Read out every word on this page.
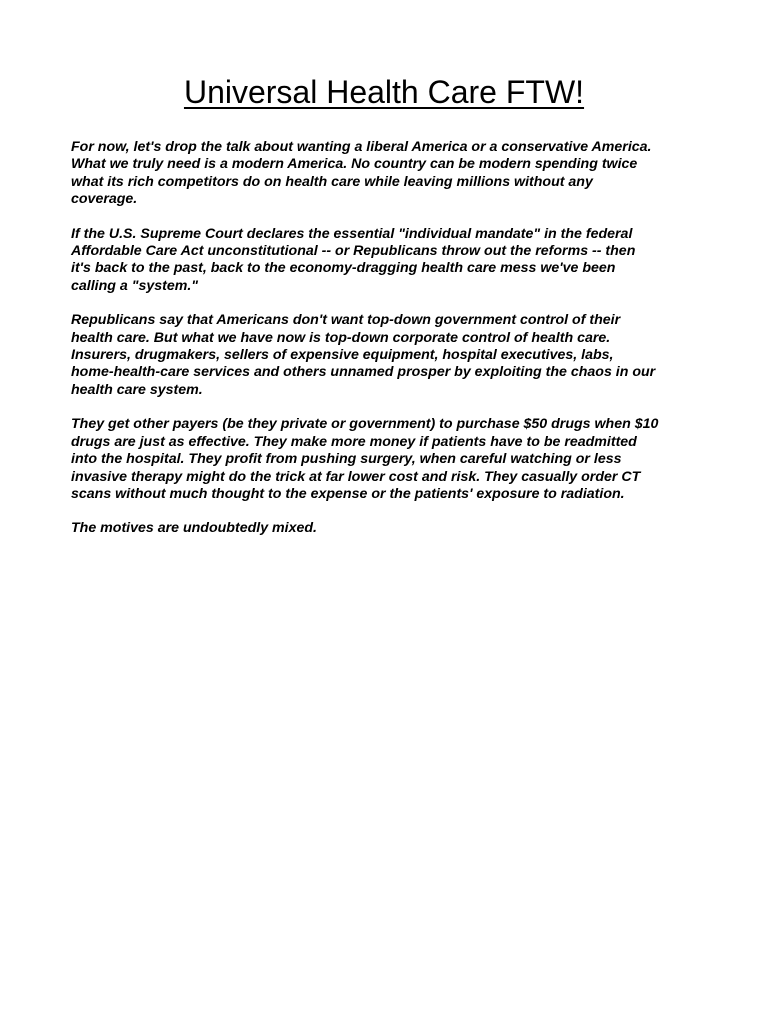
Universal Health Care FTW!

For now, let's drop the talk about wanting a liberal America or a conservative America.
What we truly need is a modern America. No country can be modern spending twice
what its rich competitors do on health care while leaving millions without any
coverage.

If the U.S. Supreme Court declares the essential "individual mandate" in the federal
Affordable Care Act unconstitutional -- or Republicans throw out the reforms -- then
it's back to the past, back to the economy-dragging health care mess we've been
calling a "system."

Republicans say that Americans don't want top-down government control of their
health care. But what we have now is top-down corporate control of health care.
Insurers, drugmakers, sellers of expensive equipment, hospital executives, labs,
home-health-care services and others unnamed prosper by exploiting the chaos in our
health care system.

They get other payers (be they private or government) to purchase $50 drugs when $10
drugs are just as effective. They make more money if patients have to be readmitted
into the hospital. They profit from pushing surgery, when careful watching or less
invasive therapy might do the trick at far lower cost and risk. They casually order CT
scans without much thought to the expense or the patients' exposure to radiation.

The motives are undoubtedly mixed.
